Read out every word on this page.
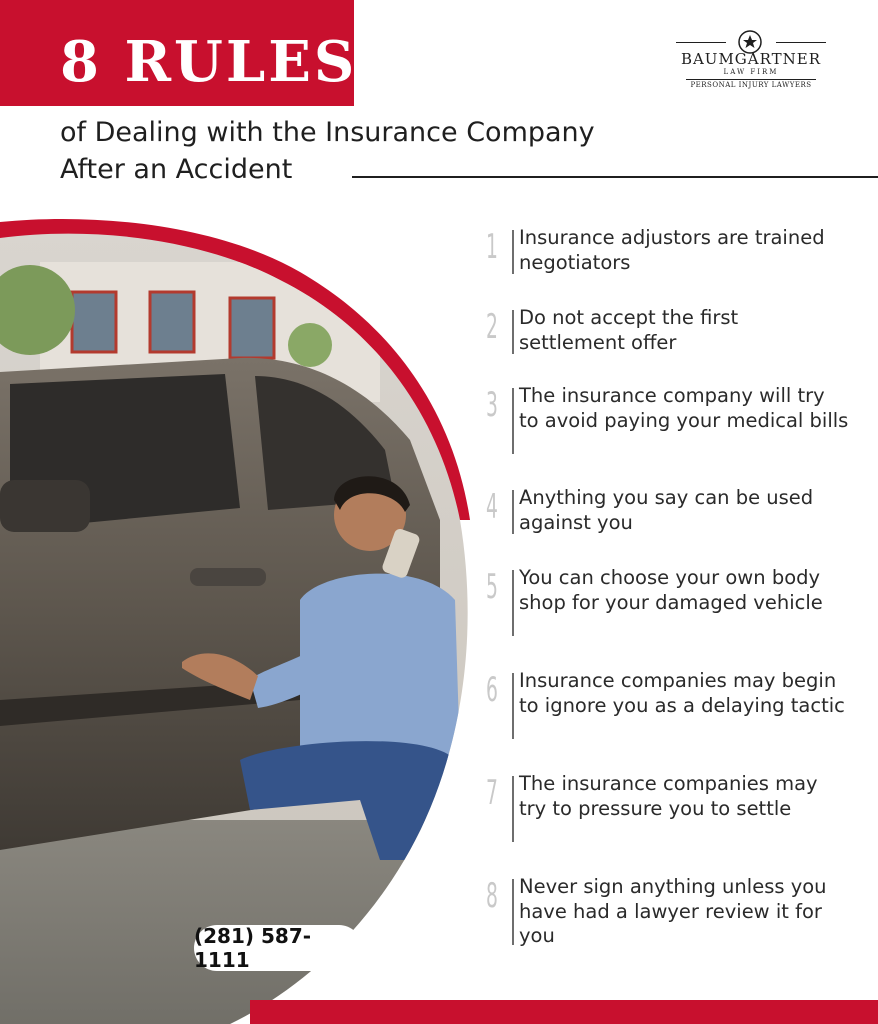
8 RULES
of Dealing with the Insurance Company
After an Accident
BAUMGARTNER
LAW FIRM
PERSONAL INJURY LAWYERS
1 Insurance adjustors are trained negotiators
2 Do not accept the first settlement offer
3 The insurance company will try to avoid paying your medical bills
4 Anything you say can be used against you
5 You can choose your own body shop for your damaged vehicle
6 Insurance companies may begin to ignore you as a delaying tactic
7 The insurance companies may try to pressure you to settle
8 Never sign anything unless you have had a lawyer review it for you
(281) 587-1111
